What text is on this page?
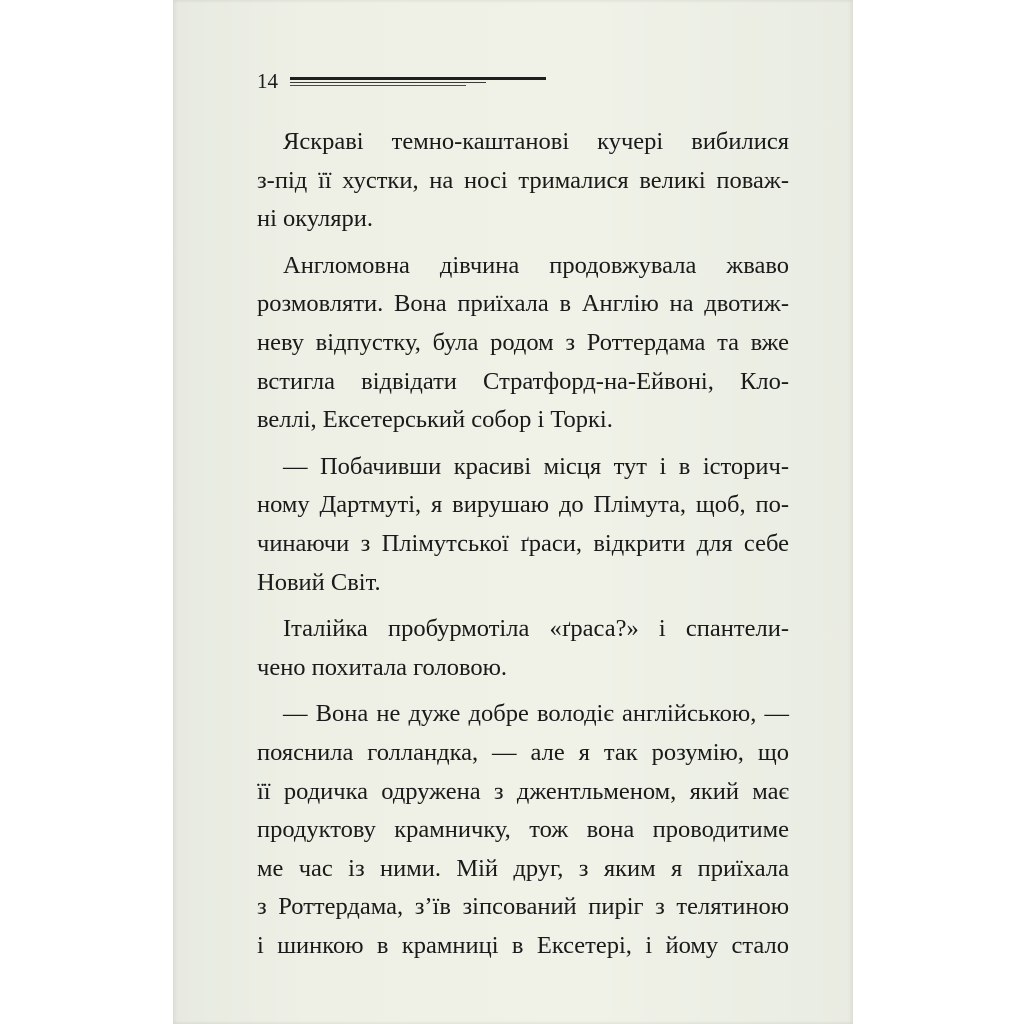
14
Яскраві темно-каштанові кучері вибилися
з-під її хустки, на носі трималися великі поваж-
ні окуляри.
Англомовна дівчина продовжувала жваво
розмовляти. Вона приїхала в Англію на двотиж-
неву відпустку, була родом з Роттердама та вже
встигла відвідати Стратфорд-на-Ейвоні, Кло-
веллі, Ексетерський собор і Торкі.
— Побачивши красиві місця тут і в історич-
ному Дартмуті, я вирушаю до Плімута, щоб, по-
чинаючи з Плімутської ґраси, відкрити для себе
Новий Світ.
Італійка пробурмотіла «ґраса?» і спантели-
чено похитала головою.
— Вона не дуже добре володіє англійською, —
пояснила голландка, — але я так розумію, що
її родичка одружена з джентльменом, який має
продуктову крамничку, тож вона проводитиме
ме час із ними. Мій друг, з яким я приїхала
з Роттердама, з’їв зіпсований пиріг з телятиною
і шинкою в крамниці в Ексетері, і йому стало
